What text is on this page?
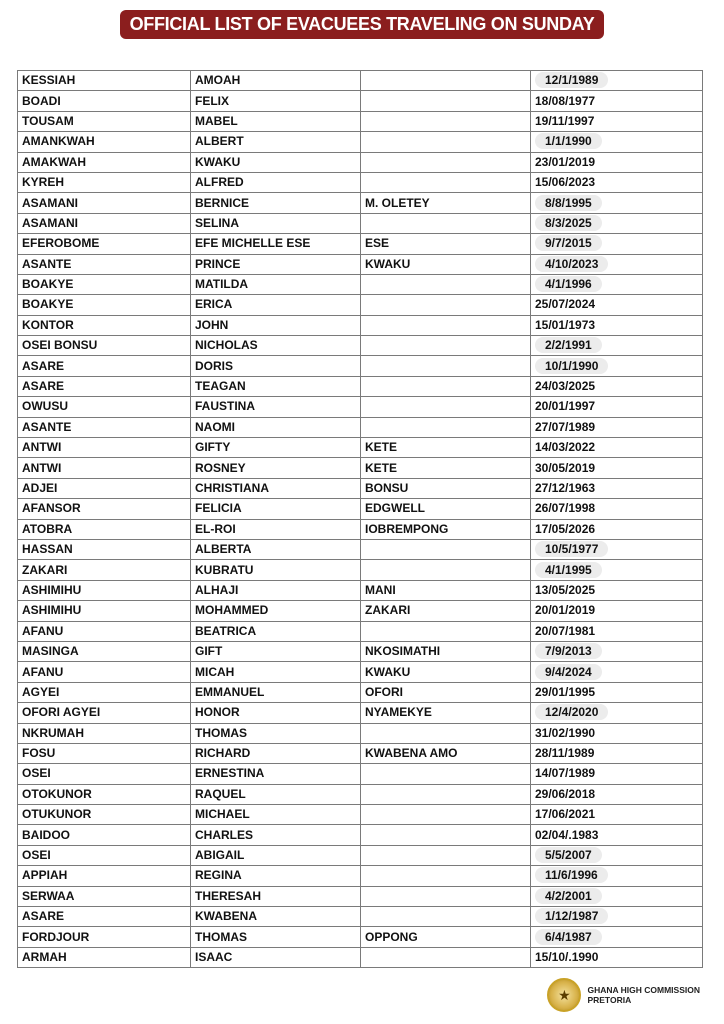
OFFICIAL LIST OF EVACUEES TRAVELING ON SUNDAY
KESSIAH	AMOAH		12/1/1989
BOADI	FELIX		18/08/1977
TOUSAM	MABEL		19/11/1997
AMANKWAH	ALBERT		1/1/1990
AMAKWAH	KWAKU		23/01/2019
KYREH	ALFRED		15/06/2023
ASAMANI	BERNICE	M. OLETEY	8/8/1995
ASAMANI	SELINA		8/3/2025
EFEROBOME	EFE MICHELLE ESE	ESE	9/7/2015
ASANTE	PRINCE	KWAKU	4/10/2023
BOAKYE	MATILDA		4/1/1996
BOAKYE	ERICA		25/07/2024
KONTOR	JOHN		15/01/1973
OSEI BONSU	NICHOLAS		2/2/1991
ASARE	DORIS		10/1/1990
ASARE	TEAGAN		24/03/2025
OWUSU	FAUSTINA		20/01/1997
ASANTE	NAOMI		27/07/1989
ANTWI	GIFTY	KETE	14/03/2022
ANTWI	ROSNEY	KETE	30/05/2019
ADJEI	CHRISTIANA	BONSU	27/12/1963
AFANSOR	FELICIA	EDGWELL	26/07/1998
ATOBRA	EL-ROI	IOBREMPONG	17/05/2026
HASSAN	ALBERTA		10/5/1977
ZAKARI	KUBRATU		4/1/1995
ASHIMIHU	ALHAJI	MANI	13/05/2025
ASHIMIHU	MOHAMMED	ZAKARI	20/01/2019
AFANU	BEATRICA		20/07/1981
MASINGA	GIFT	NKOSIMATHI	7/9/2013
AFANU	MICAH	KWAKU	9/4/2024
AGYEI	EMMANUEL	OFORI	29/01/1995
OFORI AGYEI	HONOR	NYAMEKYE	12/4/2020
NKRUMAH	THOMAS		31/02/1990
FOSU	RICHARD	KWABENA AMO	28/11/1989
OSEI	ERNESTINA		14/07/1989
OTOKUNOR	RAQUEL		29/06/2018
OTUKUNOR	MICHAEL		17/06/2021
BAIDOO	CHARLES		02/04/.1983
OSEI	ABIGAIL		5/5/2007
APPIAH	REGINA		11/6/1996
SERWAA	THERESAH		4/2/2001
ASARE	KWABENA		1/12/1987
FORDJOUR	THOMAS	OPPONG	6/4/1987
ARMAH	ISAAC		15/10/.1990
★	GHANA HIGH COMMISSION
PRETORIA
